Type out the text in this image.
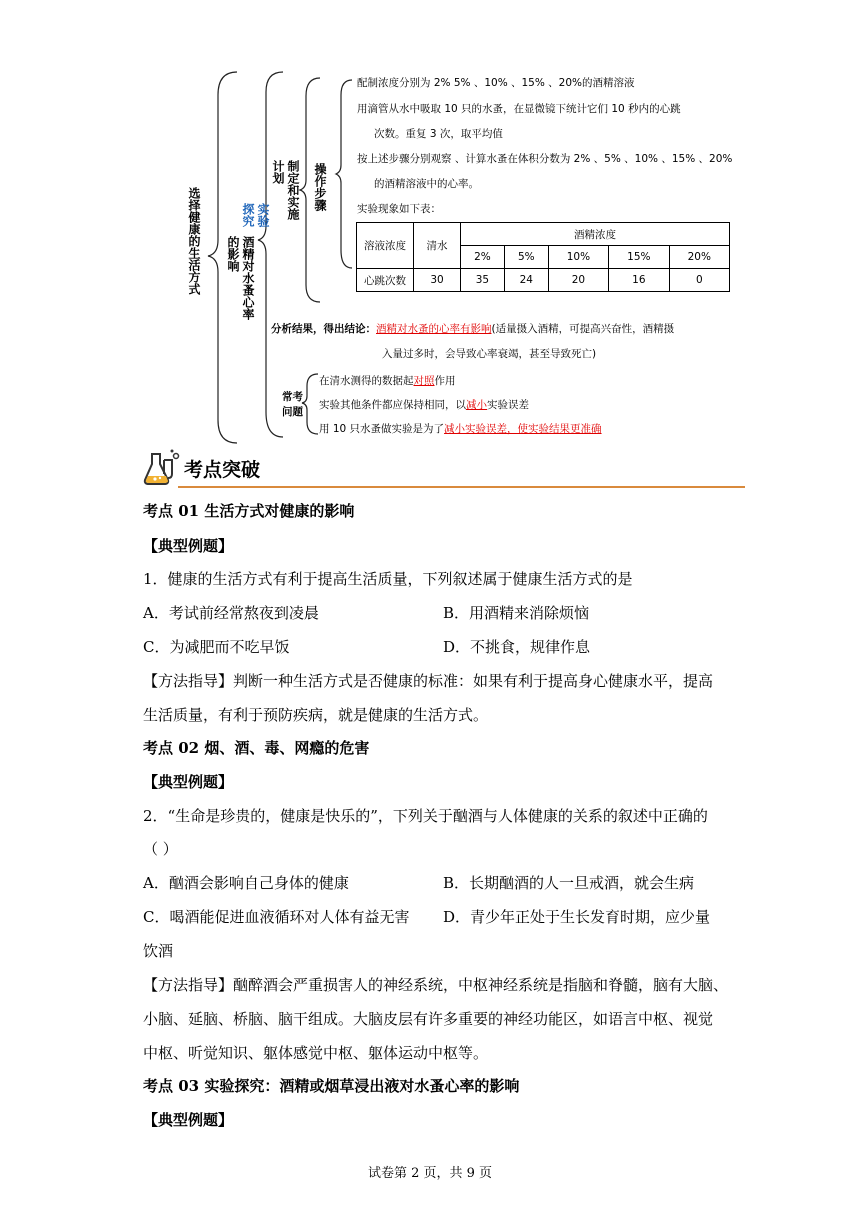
选择健康的生活方式	实验探究
酒精对水蚤心率的影响
制定和实施计划	操作步骤
配制浓度分别为 2% 5% 、10% 、15% 、20%的酒精溶液
用滴管从水中吸取 10 只的水蚤，在显微镜下统计它们 10 秒内的心跳
次数。重复 3 次，取平均值
按上述步骤分别观察 、计算水蚤在体积分数为 2% 、5% 、10% 、15% 、20%
的酒精溶液中的心率。
实验现象如下表：
溶液浓度	清水	酒精浓度				
		2%	5%	10%	15%	20%
心跳次数	30	35	24	20	16	0
分析结果，得出结论：酒精对水蚤的心率有影响(适量摄入酒精，可提高兴奋性，酒精摄
入量过多时，会导致心率衰竭，甚至导致死亡)
常考问题
在清水测得的数据起对照作用
实验其他条件都应保持相同，以减小实验误差
用 10 只水蚤做实验是为了减小实验误差，使实验结果更准确
考点突破
考点 01 生活方式对健康的影响
【典型例题】
1．健康的生活方式有利于提高生活质量，下列叙述属于健康生活方式的是
A．考试前经常熬夜到凌晨	B．用酒精来消除烦恼
C．为减肥而不吃早饭	D．不挑食，规律作息
【方法指导】判断一种生活方式是否健康的标准：如果有利于提高身心健康水平，提高
生活质量，有利于预防疾病，就是健康的生活方式。
考点 02 烟、酒、毒、网瘾的危害
【典型例题】
2．“生命是珍贵的，健康是快乐的”，下列关于酗酒与人体健康的关系的叙述中正确的
（ ）
A．酗酒会影响自己身体的健康	B．长期酗酒的人一旦戒酒，就会生病
C．喝酒能促进血液循环对人体有益无害 D．青少年正处于生长发育时期，应少量
饮酒
【方法指导】酗醉酒会严重损害人的神经系统，中枢神经系统是指脑和脊髓，脑有大脑、
小脑、延脑、桥脑、脑干组成。大脑皮层有许多重要的神经功能区，如语言中枢、视觉
中枢、听觉知识、躯体感觉中枢、躯体运动中枢等。
考点 03 实验探究：酒精或烟草浸出液对水蚤心率的影响
【典型例题】
试卷第 2 页，共 9 页
